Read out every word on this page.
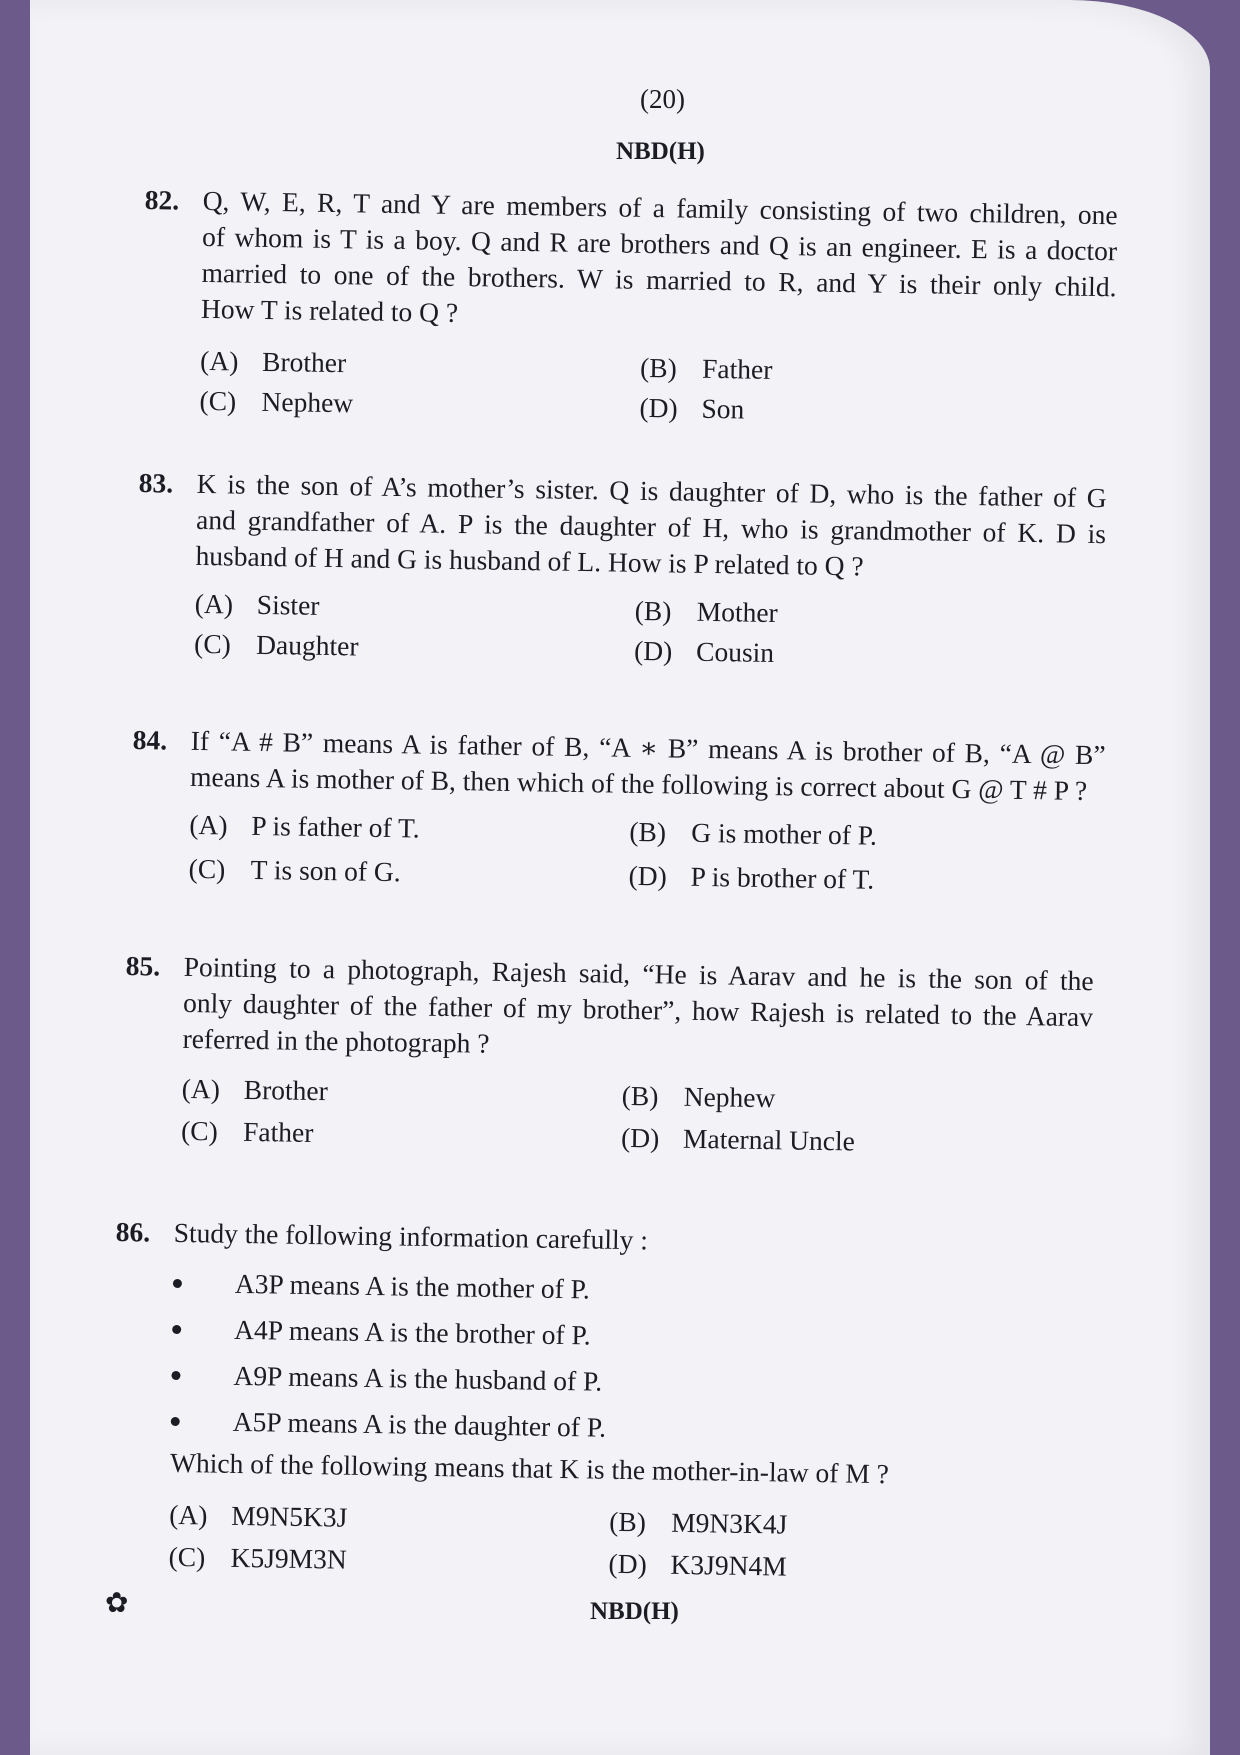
(20)
NBD(H)
82. Q, W, E, R, T and Y are members of a family consisting of two children, one
of whom is T is a boy. Q and R are brothers and Q is an engineer. E is a doctor
married to one of the brothers. W is married to R, and Y is their only child.
How T is related to Q ?
(A) Brother	(B) Father
(C) Nephew	(D) Son
83. K is the son of A’s mother’s sister. Q is daughter of D, who is the father of G
and grandfather of A. P is the daughter of H, who is grandmother of K. D is
husband of H and G is husband of L. How is P related to Q ?
(A) Sister	(B) Mother
(C) Daughter	(D) Cousin
84. If “A # B” means A is father of B, “A ∗ B” means A is brother of B, “A @ B”
means A is mother of B, then which of the following is correct about G @ T # P ?
(A) P is father of T.	(B) G is mother of P.
(C) T is son of G.	(D) P is brother of T.
85. Pointing to a photograph, Rajesh said, “He is Aarav and he is the son of the
only daughter of the father of my brother”, how Rajesh is related to the Aarav
referred in the photograph ?
(A) Brother	(B) Nephew
(C) Father	(D) Maternal Uncle
86. Study the following information carefully :
A3P means A is the mother of P.
A4P means A is the brother of P.
A9P means A is the husband of P.
A5P means A is the daughter of P.
Which of the following means that K is the mother-in-law of M ?
(A) M9N5K3J	(B) M9N3K4J
(C) K5J9M3N	(D) K3J9N4M
✿	NBD(H)
